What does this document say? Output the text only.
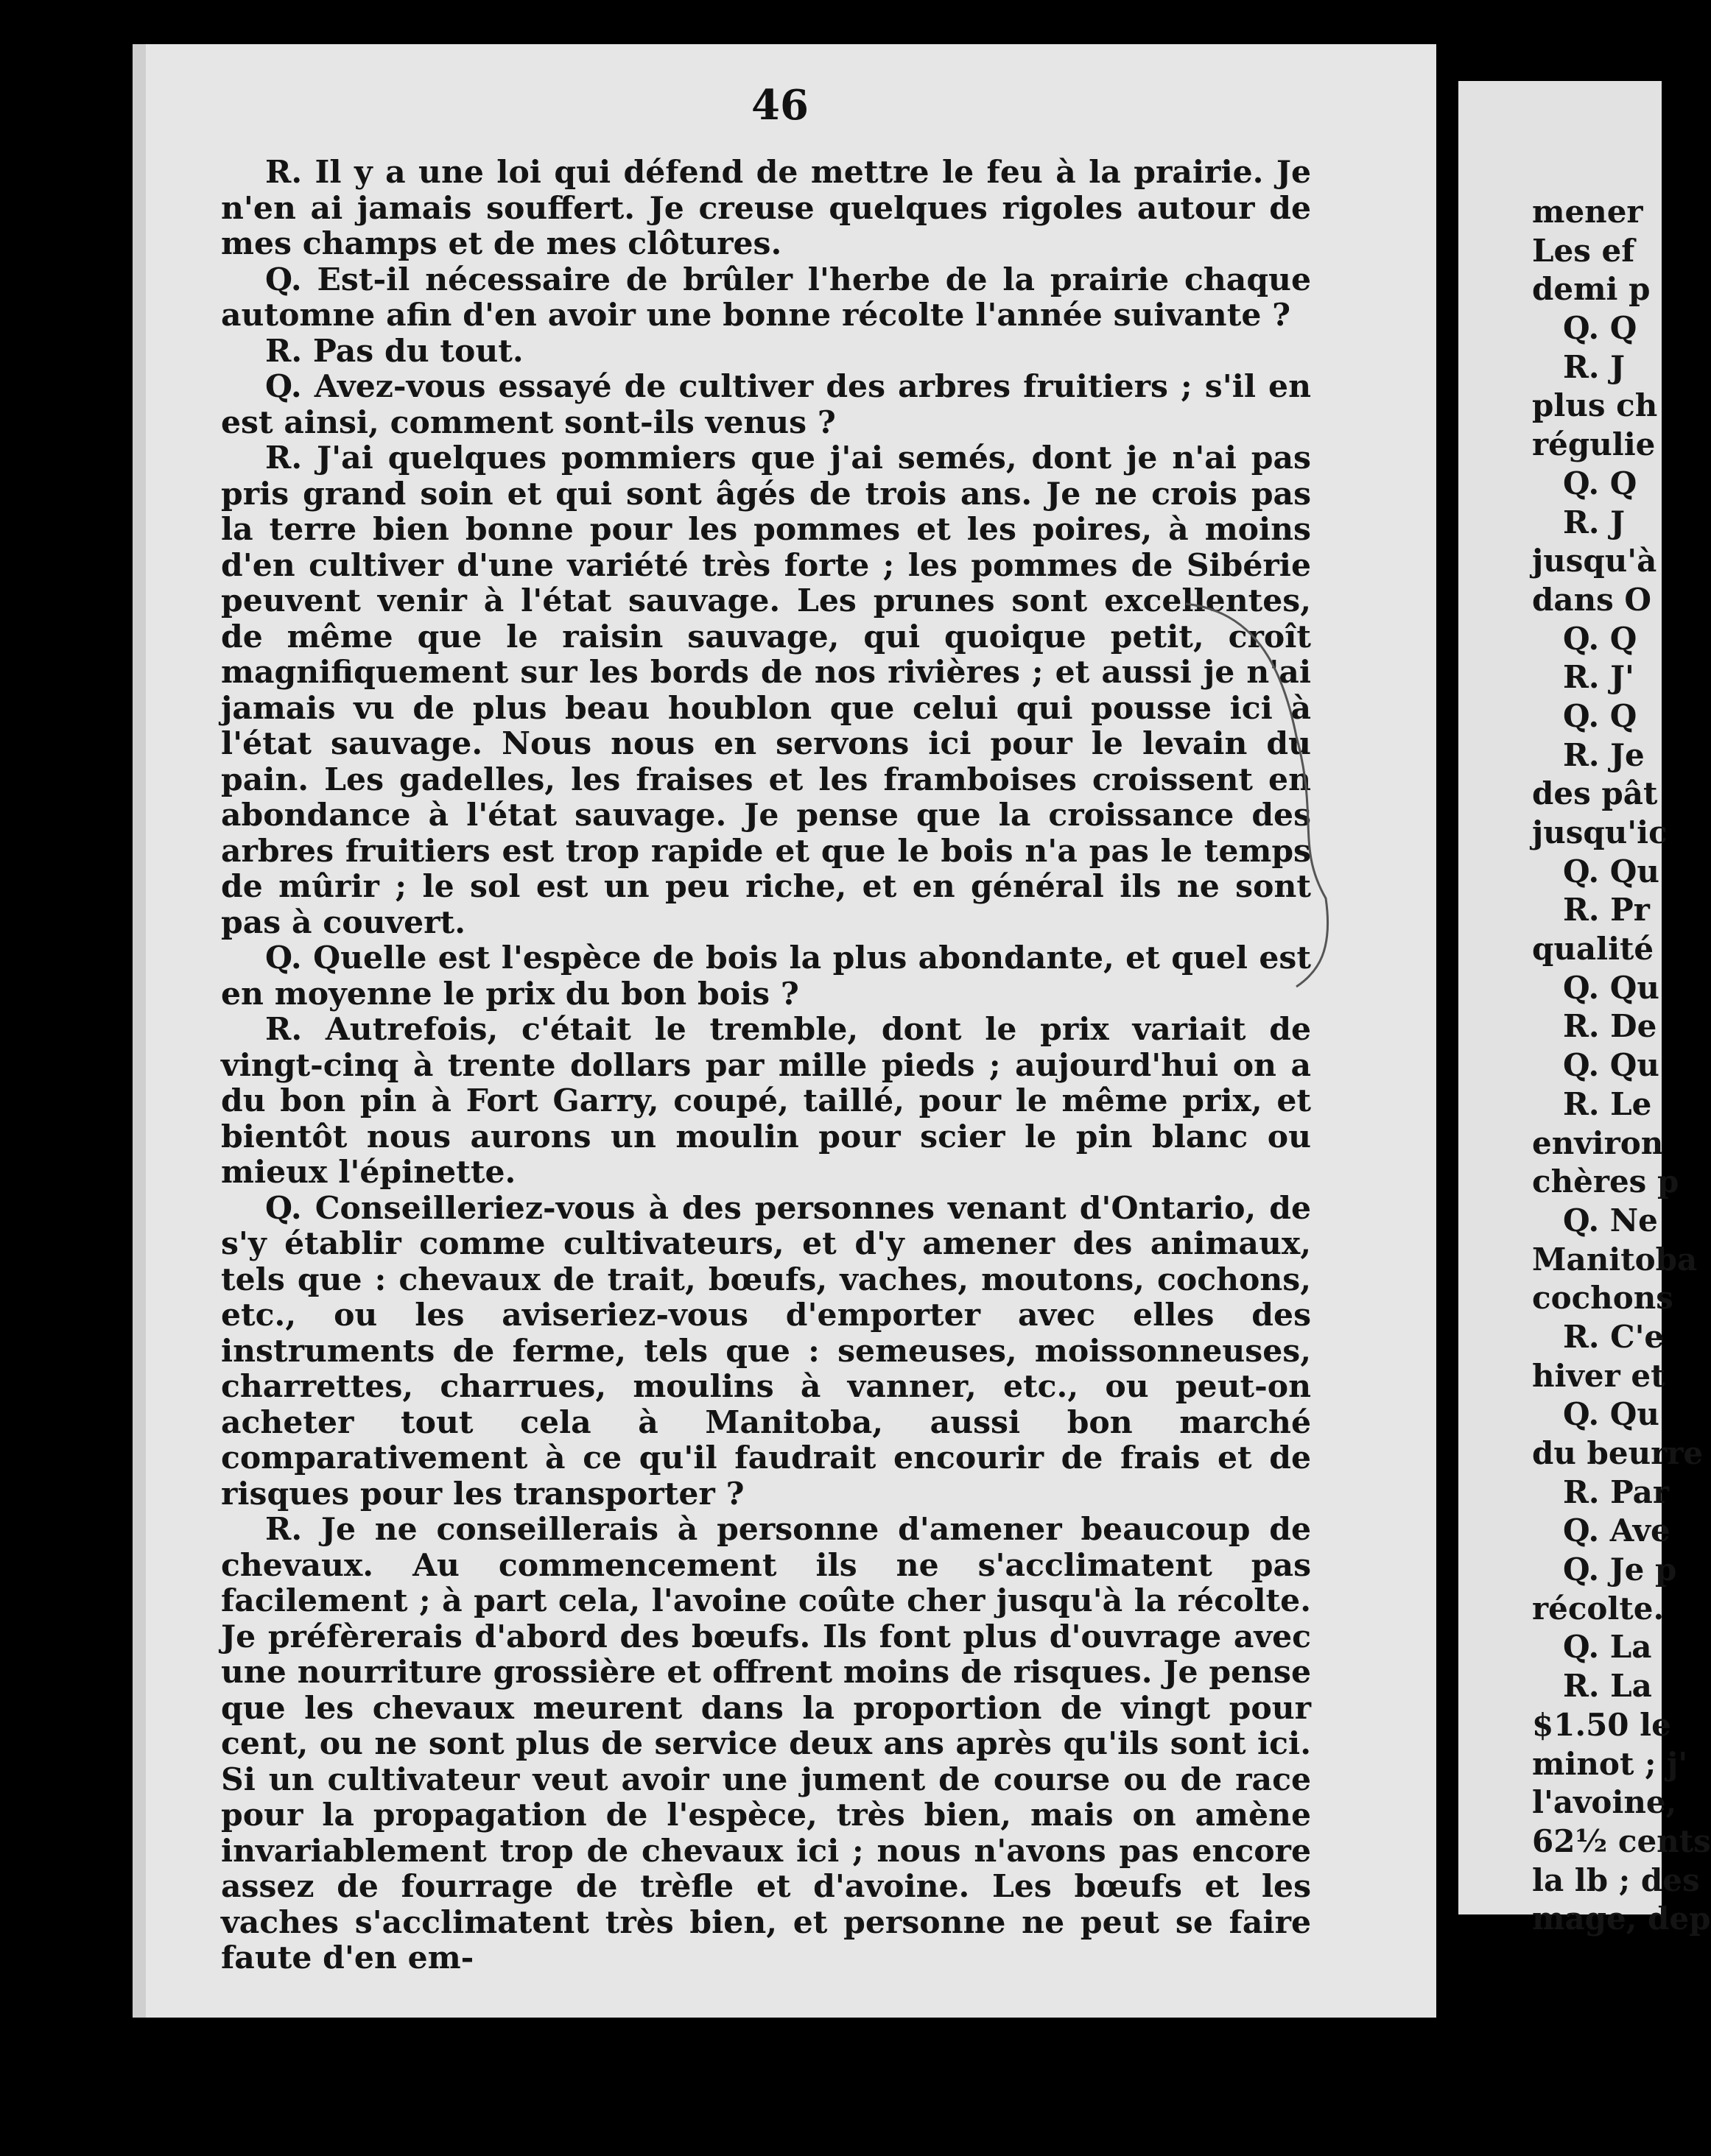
46

R. Il y a une loi qui défend de mettre le feu à la prairie. Je n'en ai jamais souffert. Je creuse quelques rigoles autour de mes champs et de mes clôtures.

Q. Est-il nécessaire de brûler l'herbe de la prairie chaque automne afin d'en avoir une bonne récolte l'année suivante ?

R. Pas du tout.

Q. Avez-vous essayé de cultiver des arbres fruitiers ; s'il en est ainsi, comment sont-ils venus ?

R. J'ai quelques pommiers que j'ai semés, dont je n'ai pas pris grand soin et qui sont âgés de trois ans. Je ne crois pas la terre bien bonne pour les pommes et les poires, à moins d'en cultiver d'une variété très forte ; les pommes de Sibérie peuvent venir à l'état sauvage. Les prunes sont excellentes, de même que le raisin sauvage, qui quoique petit, croît magnifiquement sur les bords de nos rivières ; et aussi je n'ai jamais vu de plus beau houblon que celui qui pousse ici à l'état sauvage. Nous nous en servons ici pour le levain du pain. Les gadelles, les fraises et les framboises croissent en abondance à l'état sauvage. Je pense que la croissance des arbres fruitiers est trop rapide et que le bois n'a pas le temps de mûrir ; le sol est un peu riche, et en général ils ne sont pas à couvert.

Q. Quelle est l'espèce de bois la plus abondante, et quel est en moyenne le prix du bon bois ?

R. Autrefois, c'était le tremble, dont le prix variait de vingt-cinq à trente dollars par mille pieds ; aujourd'hui on a du bon pin à Fort Garry, coupé, taillé, pour le même prix, et bientôt nous aurons un moulin pour scier le pin blanc ou mieux l'épinette.

Q. Conseilleriez-vous à des personnes venant d'Ontario, de s'y établir comme cultivateurs, et d'y amener des animaux, tels que : chevaux de trait, bœufs, vaches, moutons, cochons, etc., ou les aviseriez-vous d'emporter avec elles des instruments de ferme, tels que : semeuses, moissonneuses, charrettes, charrues, moulins à vanner, etc., ou peut-on acheter tout cela à Manitoba, aussi bon marché comparativement à ce qu'il faudrait encourir de frais et de risques pour les transporter ?

R. Je ne conseillerais à personne d'amener beaucoup de chevaux. Au commencement ils ne s'acclimatent pas facilement ; à part cela, l'avoine coûte cher jusqu'à la récolte. Je préfèrerais d'abord des bœufs. Ils font plus d'ouvrage avec une nourriture grossière et offrent moins de risques. Je pense que les chevaux meurent dans la proportion de vingt pour cent, ou ne sont plus de service deux ans après qu'ils sont ici. Si un cultivateur veut avoir une jument de course ou de race pour la propagation de l'espèce, très bien, mais on amène invariablement trop de chevaux ici ; nous n'avons pas encore assez de fourrage de trèfle et d'avoine. Les bœufs et les vaches s'acclimatent très bien, et personne ne peut se faire faute d'en em-

mener
Les ef
demi p
Q. Q
R. J
plus ch
régulie
Q. Q
R. J
jusqu'à
dans O
Q. Q
R. J'
Q. Q
R. Je
des pât
jusqu'ic
Q. Qu
R. Pr
qualité
Q. Qu
R. De
Q. Qu
R. Le
environ
chères p
Q. Ne
Manitoba
cochons
R. C'e
hiver et
Q. Qu
du beurre
R. Par
Q. Ave
Q. Je p
récolte.
Q. La
R. La
$1.50 le
minot ; j'
l'avoine,
62½ cents
la lb ; des
mage, dep
